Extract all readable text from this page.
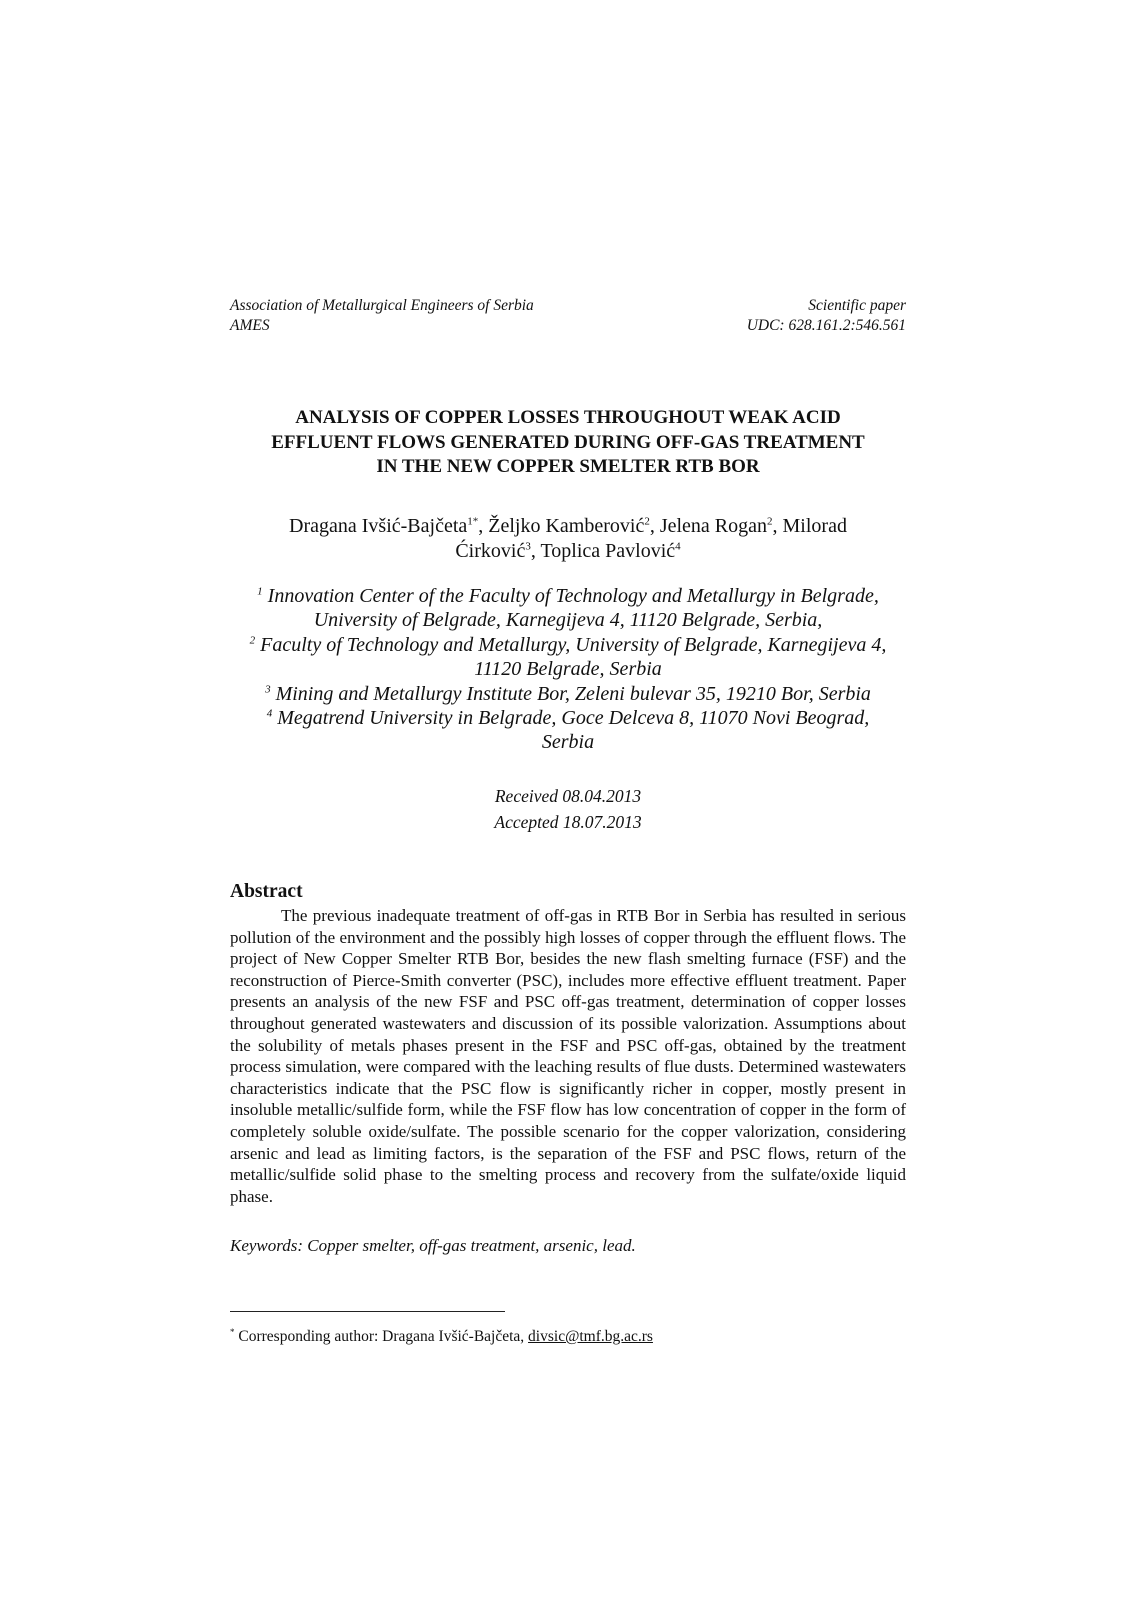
Association of Metallurgical Engineers of Serbia
AMES
Scientific paper
UDC: 628.161.2:546.561
ANALYSIS OF COPPER LOSSES THROUGHOUT WEAK ACID
EFFLUENT FLOWS GENERATED DURING OFF-GAS TREATMENT
IN THE NEW COPPER SMELTER RTB BOR
Dragana Ivšić-Bajčeta$^{1*}$, Željko Kamberović$^2$, Jelena Rogan$^2$, Milorad
Ćirković$^3$, Toplica Pavlović$^4$
$^1$ Innovation Center of the Faculty of Technology and Metallurgy in Belgrade,
University of Belgrade, Karnegijeva 4, 11120 Belgrade, Serbia,
$^2$ Faculty of Technology and Metallurgy, University of Belgrade, Karnegijeva 4,
11120 Belgrade, Serbia
$^3$ Mining and Metallurgy Institute Bor, Zeleni bulevar 35, 19210 Bor, Serbia
$^4$ Megatrend University in Belgrade, Goce Delceva 8, 11070 Novi Beograd,
Serbia
Received 08.04.2013
Accepted 18.07.2013
Abstract
The previous inadequate treatment of off-gas in RTB Bor in Serbia has resulted in serious pollution of the environment and the possibly high losses of copper through the effluent flows. The project of New Copper Smelter RTB Bor, besides the new flash smelting furnace (FSF) and the reconstruction of Pierce-Smith converter (PSC), includes more effective effluent treatment. Paper presents an analysis of the new FSF and PSC off-gas treatment, determination of copper losses throughout generated wastewaters and discussion of its possible valorization. Assumptions about the solubility of metals phases present in the FSF and PSC off-gas, obtained by the treatment process simulation, were compared with the leaching results of flue dusts. Determined wastewaters characteristics indicate that the PSC flow is significantly richer in copper, mostly present in insoluble metallic/sulfide form, while the FSF flow has low concentration of copper in the form of completely soluble oxide/sulfate. The possible scenario for the copper valorization, considering arsenic and lead as limiting factors, is the separation of the FSF and PSC flows, return of the metallic/sulfide solid phase to the smelting process and recovery from the sulfate/oxide liquid phase.
Keywords: Copper smelter, off-gas treatment, arsenic, lead.
* Corresponding author: Dragana Ivšić-Bajčeta, divsic@tmf.bg.ac.rs
